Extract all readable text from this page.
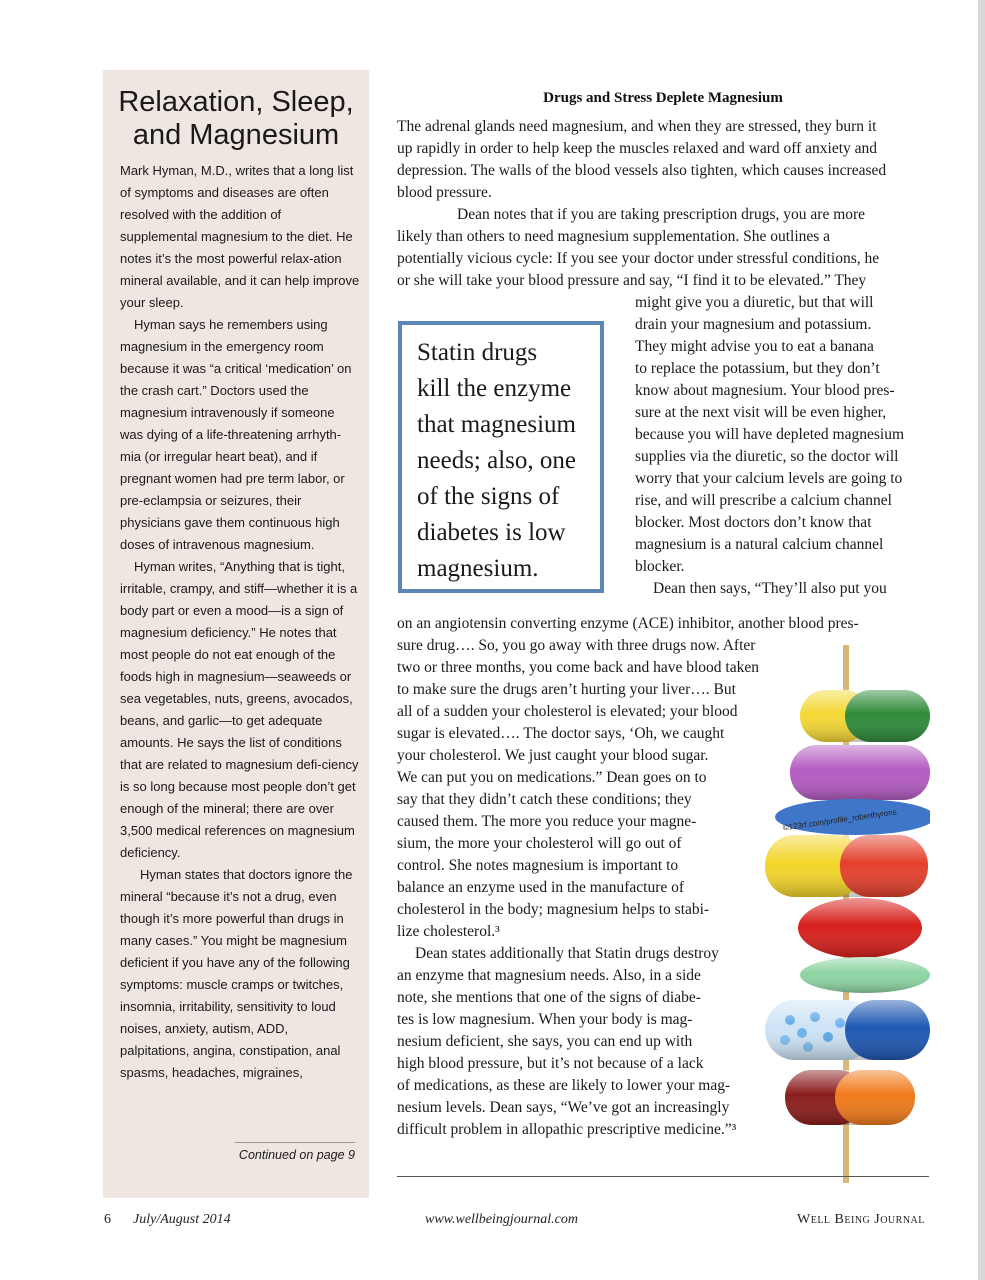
Relaxation, Sleep,
and Magnesium

Mark Hyman, M.D., writes that a long list of symptoms and diseases are often resolved with the addition of supplemental magnesium to the diet. He notes it’s the most powerful relax-ation mineral available, and it can help improve your sleep.

Hyman says he remembers using magnesium in the emergency room because it was “a critical ‘medication’ on the crash cart.” Doctors used the magnesium intravenously if someone was dying of a life-threatening arrhyth-mia (or irregular heart beat), and if pregnant women had pre term labor, or pre-eclampsia or seizures, their physicians gave them continuous high doses of intravenous magnesium.

Hyman writes, “Anything that is tight, irritable, crampy, and stiff—whether it is a body part or even a mood—is a sign of magnesium deficiency.” He notes that most people do not eat enough of the foods high in magnesium—seaweeds or sea vegetables, nuts, greens, avocados, beans, and garlic—to get adequate amounts. He says the list of conditions that are related to magnesium defi-ciency is so long because most people don’t get enough of the mineral; there are over 3,500 medical references on magnesium deficiency.

Hyman states that doctors ignore the mineral “because it’s not a drug, even though it’s more powerful than drugs in many cases.” You might be magnesium deficient if you have any of the following symptoms: muscle cramps or twitches, insomnia, irritability, sensitivity to loud noises, anxiety, autism, ADD, palpitations, angina, constipation, anal spasms, headaches, migraines,

Continued on page 9
Drugs and Stress Deplete Magnesium
The adrenal glands need magnesium, and when they are stressed, they burn it
up rapidly in order to help keep the muscles relaxed and ward off anxiety and
depression. The walls of the blood vessels also tighten, which causes increased
blood pressure.
Dean notes that if you are taking prescription drugs, you are more
likely than others to need magnesium supplementation. She outlines a
potentially vicious cycle: If you see your doctor under stressful conditions, he
or she will take your blood pressure and say, “I find it to be elevated.” They
might give you a diuretic, but that will
drain your magnesium and potassium.
They might advise you to eat a banana
to replace the potassium, but they don’t
know about magnesium. Your blood pres-
sure at the next visit will be even higher,
because you will have depleted magnesium
supplies via the diuretic, so the doctor will
worry that your calcium levels are going to
rise, and will prescribe a calcium channel
blocker. Most doctors don’t know that
magnesium is a natural calcium channel
blocker.
Dean then says, “They’ll also put you
Statin drugs
kill the enzyme
that magnesium
needs; also, one
of the signs of
diabetes is low
magnesium.
on an angiotensin converting enzyme (ACE) inhibitor, another blood pres-
sure drug…. So, you go away with three drugs now. After
two or three months, you come back and have blood taken
to make sure the drugs aren’t hurting your liver…. But
all of a sudden your cholesterol is elevated; your blood
sugar is elevated…. The doctor says, ‘Oh, we caught
your cholesterol. We just caught your blood sugar.
We can put you on medications.” Dean goes on to
say that they didn’t catch these conditions; they
caused them. The more you reduce your magne-
sium, the more your cholesterol will go out of
control. She notes magnesium is important to
balance an enzyme used in the manufacture of
cholesterol in the body; magnesium helps to stabi-
lize cholesterol.³
Dean states additionally that Statin drugs destroy
an enzyme that magnesium needs. Also, in a side
note, she mentions that one of the signs of diabe-
tes is low magnesium. When your body is mag-
nesium deficient, she says, you can end up with
high blood pressure, but it’s not because of a lack
of medications, as these are likely to lower your mag-
nesium levels. Dean says, “We’ve got an increasingly
difficult problem in allopathic prescriptive medicine.”³
©123rf.com/profile_roberthyrons
6 July/August 2014	www.wellbeingjournal.com	Well Being Journal
